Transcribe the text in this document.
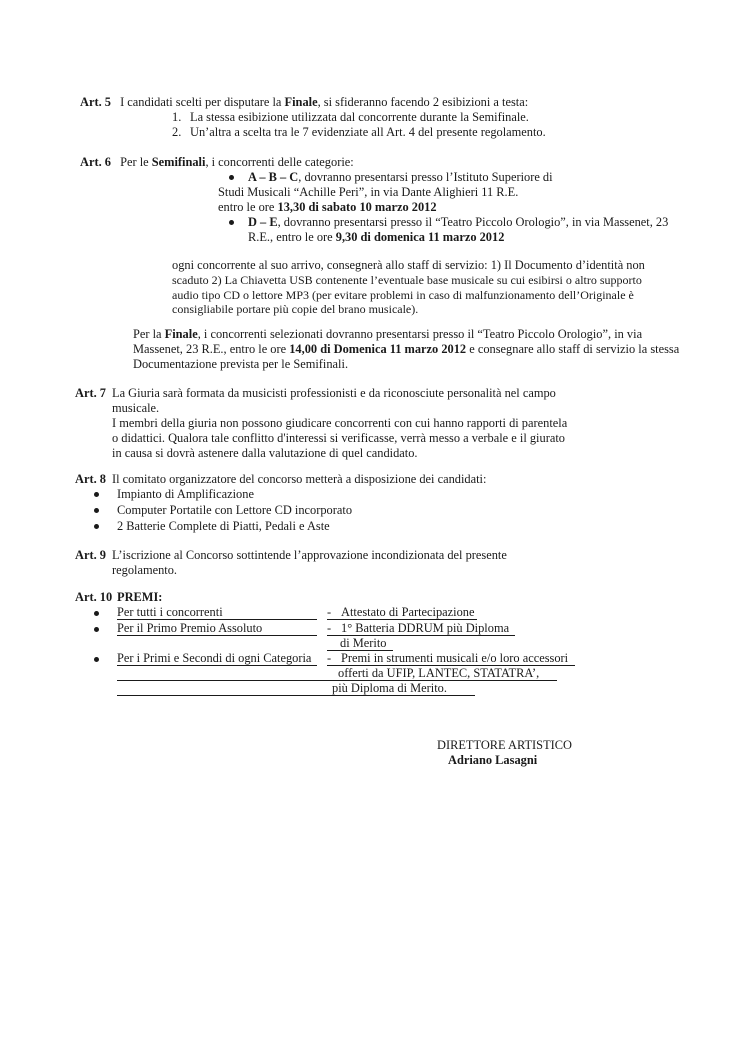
Art. 5 I candidati scelti per disputare la Finale, si sfideranno facendo 2 esibizioni a testa:
1. La stessa esibizione utilizzata dal concorrente durante la Semifinale.
2. Un’altra a scelta tra le 7 evidenziate all Art. 4 del presente regolamento.
Art. 6 Per le Semifinali, i concorrenti delle categorie:
A – B – C, dovranno presentarsi presso l’Istituto Superiore di
Studi Musicali “Achille Peri”, in via Dante Alighieri 11 R.E.
entro le ore 13,30 di sabato 10 marzo 2012
D – E, dovranno presentarsi presso il “Teatro Piccolo Orologio”, in via Massenet, 23
R.E., entro le ore 9,30 di domenica 11 marzo 2012
ogni concorrente al suo arrivo, consegnerà allo staff di servizio: 1) Il Documento d’identità non
scaduto 2) La Chiavetta USB contenente l’eventuale base musicale su cui esibirsi o altro supporto
audio tipo CD o lettore MP3 (per evitare problemi in caso di malfunzionamento dell’Originale è
consigliabile portare più copie del brano musicale).
Per la Finale, i concorrenti selezionati dovranno presentarsi presso il “Teatro Piccolo Orologio”, in via
Massenet, 23 R.E., entro le ore 14,00 di Domenica 11 marzo 2012 e consegnare allo staff di servizio la stessa
Documentazione prevista per le Semifinali.
Art. 7 La Giuria sarà formata da musicisti professionisti e da riconosciute personalità nel campo
musicale.
I membri della giuria non possono giudicare concorrenti con cui hanno rapporti di parentela
o didattici. Qualora tale conflitto d'interessi si verificasse, verrà messo a verbale e il giurato
in causa si dovrà astenere dalla valutazione di quel candidato.
Art. 8 Il comitato organizzatore del concorso metterà a disposizione dei candidati:
Impianto di Amplificazione
Computer Portatile con Lettore CD incorporato
2 Batterie Complete di Piatti, Pedali e Aste
Art. 9 L’iscrizione al Concorso sottintende l’approvazione incondizionata del presente
regolamento.
Art. 10 PREMI:
Per tutti i concorrenti	- Attestato di Partecipazione
Per il Primo Premio Assoluto	- 1° Batteria DDRUM più Diploma
di Merito
Per i Primi e Secondi di ogni Categoria - Premi in strumenti musicali e/o loro accessori
offerti da UFIP, LANTEC, STATATRA’,
più Diploma di Merito.
DIRETTORE ARTISTICO
Adriano Lasagni
